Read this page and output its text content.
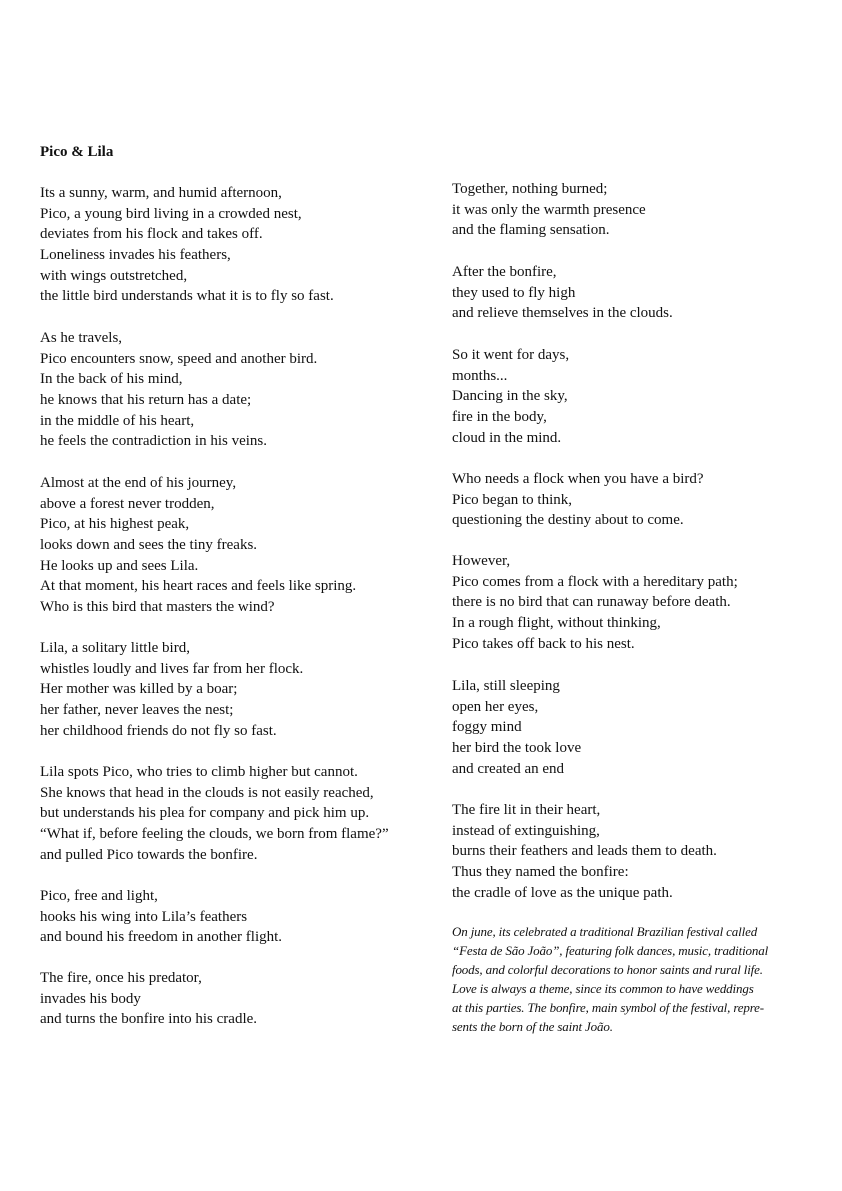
Pico & Lila
Its a sunny, warm, and humid afternoon,
Pico, a young bird living in a crowded nest,
deviates from his flock and takes off.
Loneliness invades his feathers,
with wings outstretched,
the little bird understands what it is to fly so fast.
As he travels,
Pico encounters snow, speed and another bird.
In the back of his mind,
he knows that his return has a date;
in the middle of his heart,
he feels the contradiction in his veins.
Almost at the end of his journey,
above a forest never trodden,
Pico, at his highest peak,
looks down and sees the tiny freaks.
He looks up and sees Lila.
At that moment, his heart races and feels like spring.
Who is this bird that masters the wind?
Lila, a solitary little bird,
whistles loudly and lives far from her flock.
Her mother was killed by a boar;
her father, never leaves the nest;
her childhood friends do not fly so fast.
Lila spots Pico, who tries to climb higher but cannot.
She knows that head in the clouds is not easily reached,
but understands his plea for company and pick him up.
“What if, before feeling the clouds, we born from flame?”
and pulled Pico towards the bonfire.
Pico, free and light,
hooks his wing into Lila’s feathers
and bound his freedom in another flight.
The fire, once his predator,
invades his body
and turns the bonfire into his cradle.
Together, nothing burned;
it was only the warmth presence
and the flaming sensation.
After the bonfire,
they used to fly high
and relieve themselves in the clouds.
So it went for days,
months...
Dancing in the sky,
fire in the body,
cloud in the mind.
Who needs a flock when you have a bird?
Pico began to think,
questioning the destiny about to come.
However,
Pico comes from a flock with a hereditary path;
there is no bird that can runaway before death.
In a rough flight, without thinking,
Pico takes off back to his nest.
Lila, still sleeping
open her eyes,
foggy mind
her bird the took love
and created an end
The fire lit in their heart,
instead of extinguishing,
burns their feathers and leads them to death.
Thus they named the bonfire:
the cradle of love as the unique path.

On june, its celebrated a traditional Brazilian festival called
“Festa de São João”, featuring folk dances, music, traditional
foods, and colorful decorations to honor saints and rural life.
Love is always a theme, since its common to have weddings
at this parties. The bonfire, main symbol of the festival, repre-
sents the born of the saint João.
